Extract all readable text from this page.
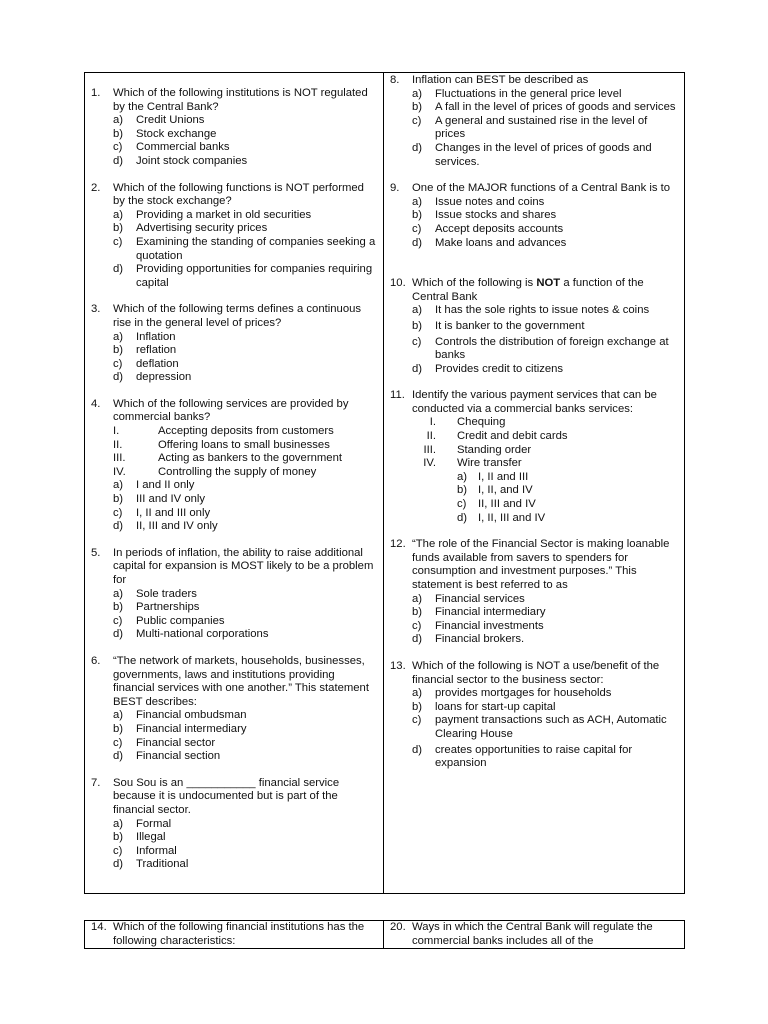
1.	Which of the following institutions is NOT regulated by the Central Bank?
a)	Credit Unions
b)	Stock exchange
c)	Commercial banks
d)	Joint stock companies
2.	Which of the following functions is NOT performed by the stock exchange?
a)	Providing a market in old securities
b)	Advertising security prices
c)	Examining the standing of companies seeking a quotation
d)	Providing opportunities for companies requiring capital
3.	Which of the following terms defines a continuous rise in the general level of prices?
a)	Inflation
b)	reflation
c)	deflation
d)	depression
4.	Which of the following services are provided by commercial banks?
I.	Accepting deposits from customers
II.	Offering loans to small businesses
III.	Acting as bankers to the government
IV.	Controlling the supply of money
a)	I and II only
b)	III and IV only
c)	I, II and III only
d)	II, III and IV only
5.	In periods of inflation, the ability to raise additional capital for expansion is MOST likely to be a problem for
a)	Sole traders
b)	Partnerships
c)	Public companies
d)	Multi-national corporations
6.	“The network of markets, households, businesses, governments, laws and institutions providing financial services with one another.” This statement BEST describes:
a)	Financial ombudsman
b)	Financial intermediary
c)	Financial sector
d)	Financial section
7.	Sou Sou is an ___________ financial service because it is undocumented but is part of the financial sector.
a)	Formal
b)	Illegal
c)	Informal
d)	Traditional
8.	Inflation can BEST be described as
a)	Fluctuations in the general price level
b)	A fall in the level of prices of goods and services
c)	A general and sustained rise in the level of prices
d)	Changes in the level of prices of goods and services.
9.	One of the MAJOR functions of a Central Bank is to
a)	Issue notes and coins
b)	Issue stocks and shares
c)	Accept deposits accounts
d)	Make loans and advances
10. Which of the following is NOT a function of the Central Bank
a)	It has the sole rights to issue notes & coins
b)	It is banker to the government
c)	Controls the distribution of foreign exchange at banks
d)	Provides credit to citizens
11. Identify the various payment services that can be conducted via a commercial banks services:
I.	Chequing
II.	Credit and debit cards
III.	Standing order
IV.	Wire transfer
a) I, II and III
b) I, II, and IV
c)	II, III and IV
d) I, II, III and IV
12. “The role of the Financial Sector is making loanable funds available from savers to spenders for consumption and investment purposes.” This statement is best referred to as
a)	Financial services
b)	Financial intermediary
c)	Financial investments
d)	Financial brokers.
13. Which of the following is NOT a use/benefit of the financial sector to the business sector:
a)	provides mortgages for households
b)	loans for start-up capital
c)	payment transactions such as ACH, Automatic Clearing House
d)	creates opportunities to raise capital for expansion
14. Which of the following financial institutions has the following characteristics:
20. Ways in which the Central Bank will regulate the commercial banks includes all of the
